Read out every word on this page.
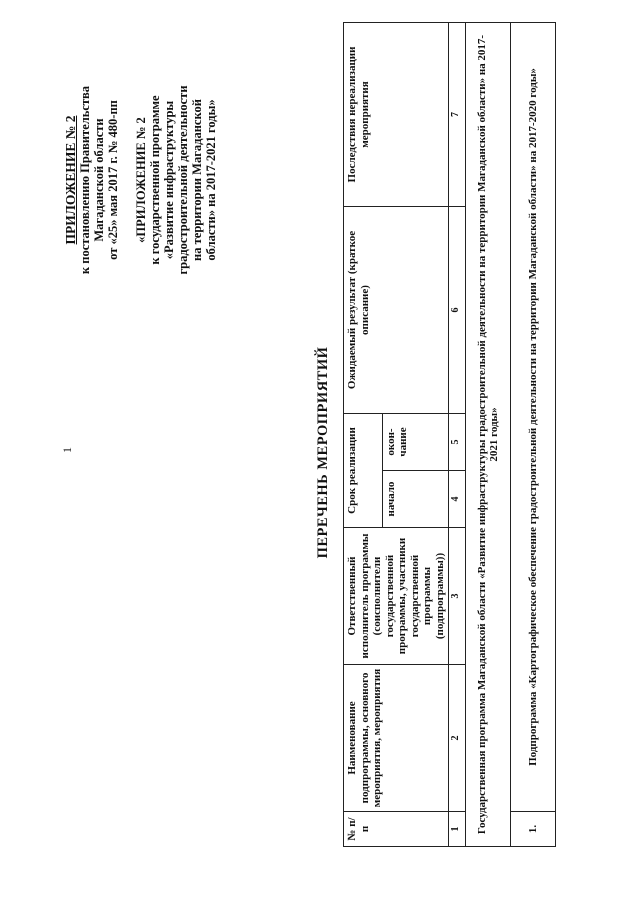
1
ПРИЛОЖЕНИЕ № 2 к постановлению Правительства Магаданской области от «25» мая 2017 г. № 480-пп «ПРИЛОЖЕНИЕ № 2 к государственной программе «Развитие инфраструктуры градостроительной деятельности на территории Магаданской области» на 2017-2021 годы»
ПЕРЕЧЕНЬ МЕРОПРИЯТИЙ
№ п/п	Наименование подпрограммы, основного мероприятия, мероприятия	Ответственный исполнитель программы (соисполнители государственной программы, участники государственной программы (подпрограммы))	Срок реализации		Ожидаемый результат (краткое описание)	Последствия нереализации мероприятия
			начало	окон-чание		
1	2	3	4	5	6	7
Государственная программа Магаданской области «Развитие инфраструктуры градостроительной деятельности на территории Магаданской области» на 2017-2021 годы»						
1.	Подпрограмма «Картографическое обеспечение градостроительной деятельности на территории Магаданской области» на 2017-2020 годы»					
